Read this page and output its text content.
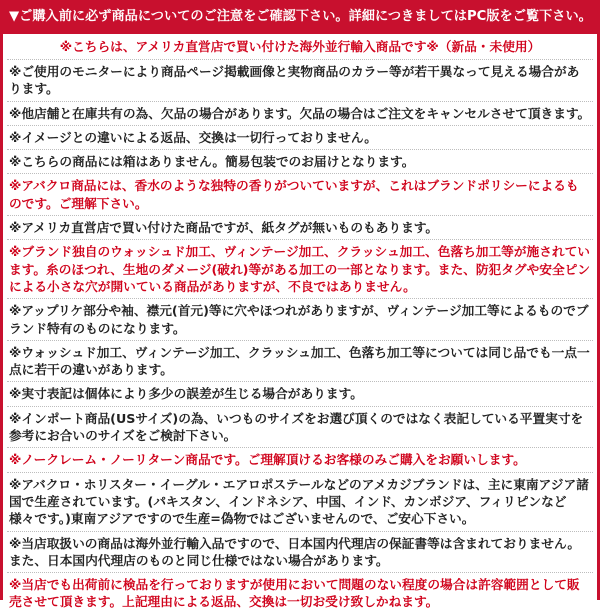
▼ご購入前に必ず商品についてのご注意をご確認下さい。詳細につきましてはPC版をご覧下さい。
※こちらは、アメリカ直営店で買い付けた海外並行輸入商品です※（新品・未使用）
※ご使用のモニターにより商品ページ掲載画像と実物商品のカラー等が若干異なって見える場合があります。
※他店舗と在庫共有の為、欠品の場合があります。欠品の場合はご注文をキャンセルさせて頂きます。
※イメージとの違いによる返品、交換は一切行っておりません。
※こちらの商品には箱はありません。簡易包装でのお届けとなります。
※アバクロ商品には、香水のような独特の香りがついていますが、これはブランドポリシーによるものです。ご理解下さい。
※アメリカ直営店で買い付けた商品ですが、紙タグが無いものもあります。
※ブランド独自のウォッシュド加工、ヴィンテージ加工、クラッシュ加工、色落ち加工等が施されています。糸のほつれ、生地のダメージ(破れ)等がある加工の一部となります。また、防犯タグや安全ピンによる小さな穴が開いている商品がありますが、不良ではありません。
※アップリケ部分や袖、襟元(首元)等に穴やほつれがありますが、ヴィンテージ加工等によるものでブランド特有のものになります。
※ウォッシュド加工、ヴィンテージ加工、クラッシュ加工、色落ち加工等については同じ品でも一点一点に若干の違いがあります。
※実寸表記は個体により多少の誤差が生じる場合があります。
※インポート商品(USサイズ)の為、いつものサイズをお選び頂くのではなく表記している平置実寸を参考にお合いのサイズをご検討下さい。
※ノークレーム・ノーリターン商品です。ご理解頂けるお客様のみご購入をお願いします。
※アバクロ・ホリスター・イーグル・エアロポステールなどのアメカジブランドは、主に東南アジア諸国で生産されています。(パキスタン、インドネシア、中国、インド、カンボジア、フィリピンなど様々です。)東南アジアですので生産=偽物ではございませんので、ご安心下さい。
※当店取扱いの商品は海外並行輸入品ですので、日本国内代理店の保証書等は含まれておりません。また、日本国内代理店のものと同じ仕様ではない場合があります。
※当店でも出荷前に検品を行っておりますが使用において問題のない程度の場合は許容範囲として販売させて頂きます。上記理由による返品、交換は一切お受け致しかねます。
